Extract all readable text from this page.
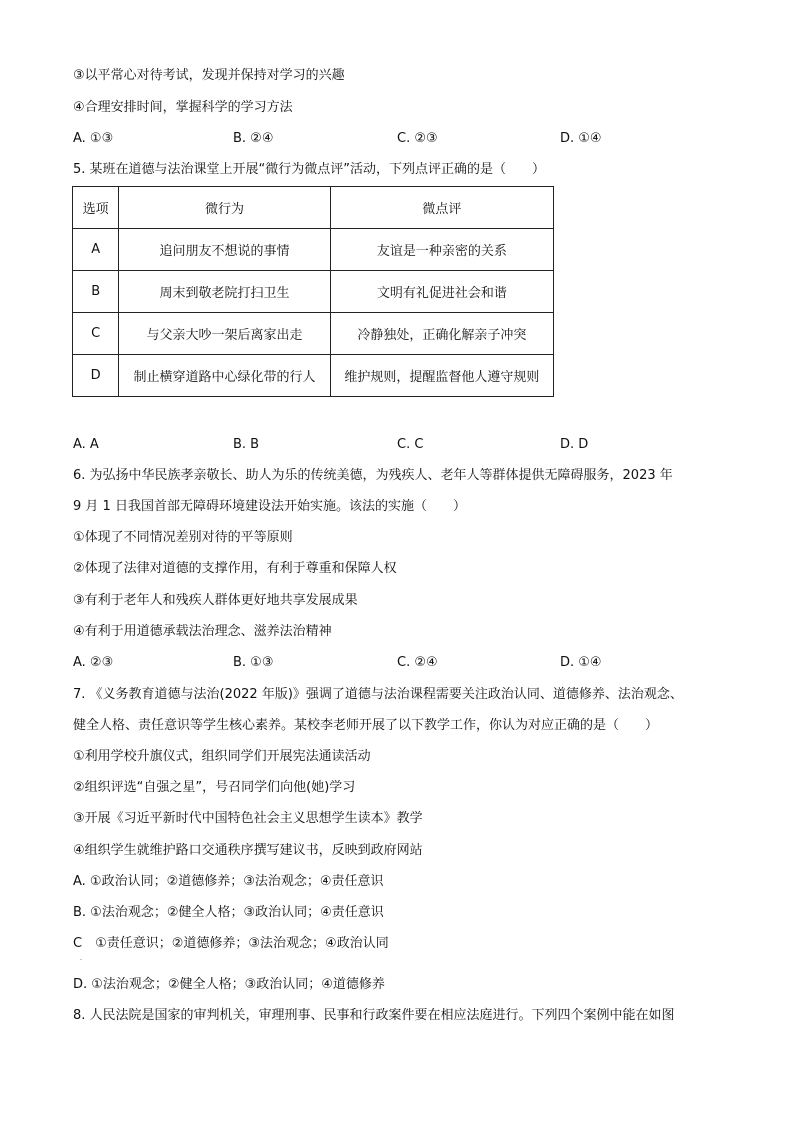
③以平常心对待考试，发现并保持对学习的兴趣
④合理安排时间，掌握科学的学习方法
A. ①③	B. ②④	C. ②③	D. ①④
5. 某班在道德与法治课堂上开展“微行为微点评”活动，下列点评正确的是（　　）
选项	微行为	微点评
A	追问朋友不想说的事情	友谊是一种亲密的关系
B	周末到敬老院打扫卫生	文明有礼促进社会和谐
C	与父亲大吵一架后离家出走	冷静独处，正确化解亲子冲突
D	制止横穿道路中心绿化带的行人	维护规则，提醒监督他人遵守规则
A. A	B. B	C. C	D. D
6. 为弘扬中华民族孝亲敬长、助人为乐的传统美德，为残疾人、老年人等群体提供无障碍服务，2023 年
9 月 1 日我国首部无障碍环境建设法开始实施。该法的实施（　　）
①体现了不同情况差别对待的平等原则
②体现了法律对道德的支撑作用，有利于尊重和保障人权
③有利于老年人和残疾人群体更好地共享发展成果
④有利于用道德承载法治理念、滋养法治精神
A. ②③	B. ①③	C. ②④	D. ①④
7. 《义务教育道德与法治(2022 年版)》强调了道德与法治课程需要关注政治认同、道德修养、法治观念、
健全人格、责任意识等学生核心素养。某校李老师开展了以下教学工作，你认为对应正确的是（　　）
①利用学校升旗仪式，组织同学们开展宪法通读活动
②组织评选“自强之星”，号召同学们向他(她)学习
③开展《习近平新时代中国特色社会主义思想学生读本》教学
④组织学生就维护路口交通秩序撰写建议书，反映到政府网站
A. ①政治认同；②道德修养；③法治观念；④责任意识
B. ①法治观念；②健全人格；③政治认同；④责任意识
C　①责任意识；②道德修养；③法治观念；④政治认同
.
D. ①法治观念；②健全人格；③政治认同；④道德修养
8. 人民法院是国家的审判机关，审理刑事、民事和行政案件要在相应法庭进行。下列四个案例中能在如图
